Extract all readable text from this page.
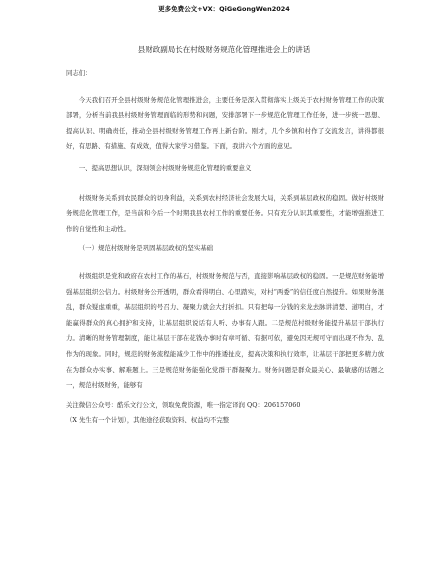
更多免费公文+VX：QiGeGongWen2024
县财政副局长在村级财务规范化管理推进会上的讲话

同志们：

今天我们召开全县村级财务规范化管理推进会，主要任务是深入贯彻落实上级关于农村财务管理工作的决策部署，分析当前我县村级财务管理面临的形势和问题，安排部署下一步规范化管理工作任务，进一步统一思想、提高认识、明确责任，推动全县村级财务管理工作再上新台阶。刚才，几个乡镇和村作了交流发言，讲得都很好，有思路、有措施、有成效，值得大家学习借鉴。下面，我讲六个方面的意见。

一、提高思想认识，深刻领会村级财务规范化管理的重要意义

村级财务关系到农民群众的切身利益，关系到农村经济社会发展大局，关系到基层政权的稳固。做好村级财务规范化管理工作，是当前和今后一个时期我县农村工作的重要任务。只有充分认识其重要性，才能增强推进工作的自觉性和主动性。

（一）规范村级财务是巩固基层政权的坚实基础

村级组织是党和政府在农村工作的基石，村级财务规范与否，直接影响基层政权的稳固。一是规范财务能增强基层组织公信力。村级财务公开透明，群众看得明白、心里踏实，对村“两委”的信任度自然提升。如果财务混乱，群众疑虑重重，基层组织的号召力、凝聚力就会大打折扣。只有把每一分钱的来龙去脉讲清楚、道明白，才能赢得群众的真心拥护和支持，让基层组织说话有人听、办事有人跟。二是规范村级财务能提升基层干部执行力。清晰的财务管理制度，能让基层干部在花钱办事时有章可循、有据可依，避免因无规可守而出现不作为、乱作为的现象。同时，规范的财务流程能减少工作中的推诿扯皮，提高决策和执行效率，让基层干部把更多精力放在为群众办实事、解难题上。三是规范财务能强化党群干群凝聚力。财务问题是群众最关心、最敏感的话题之一，规范村级财务，能够有

关注微信公众号：酷乐文行公文，领取免费资源，唯一指定译润 QQ：206157060

（X 先生有一个计划），其他途径获取资料、权益均不完整
